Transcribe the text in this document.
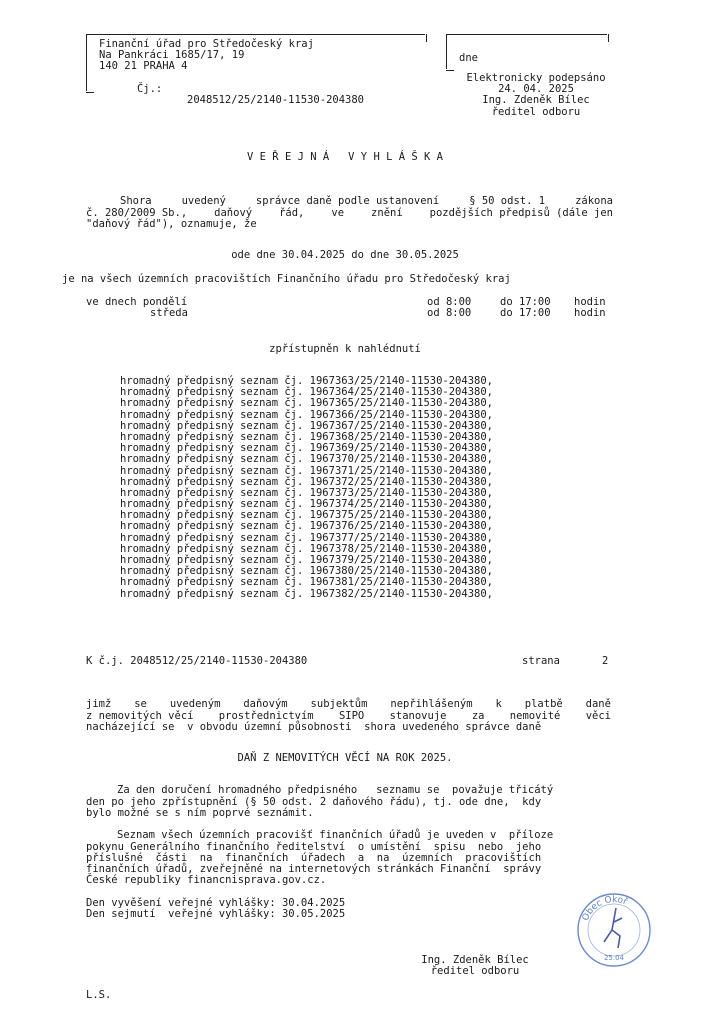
Finanční úřad pro Středočeský kraj
Na Pankráci 1685/17, 19
140 21 PRAHA 4

Čj.:

2048512/25/2140-11530-204380

dne
Elektronicky podepsáno
24. 04. 2025
Ing. Zdeněk Bílec
ředitel odboru
V E Ř E J N Á   V Y H L Á Š K A
Shora	uvedený	správce daně podle ustanovení	§ 50 odst. 1	zákona
č. 280/2009 Sb.,	daňový	řád,	ve	znění	pozdějších předpisů (dále jen
"daňový řád"), oznamuje, že
ode dne 30.04.2025 do dne 30.05.2025
je na všech územních pracovištích Finančního úřadu pro Středočeský kraj
ve dnech pondělí	od 8:00	do 17:00 hodin
středa	od 8:00	do 17:00 hodin
zpřístupněn k nahlédnutí
hromadný předpisný seznam čj. 1967363/25/2140-11530-204380,
hromadný předpisný seznam čj. 1967364/25/2140-11530-204380,
hromadný předpisný seznam čj. 1967365/25/2140-11530-204380,
hromadný předpisný seznam čj. 1967366/25/2140-11530-204380,
hromadný předpisný seznam čj. 1967367/25/2140-11530-204380,
hromadný předpisný seznam čj. 1967368/25/2140-11530-204380,
hromadný předpisný seznam čj. 1967369/25/2140-11530-204380,
hromadný předpisný seznam čj. 1967370/25/2140-11530-204380,
hromadný předpisný seznam čj. 1967371/25/2140-11530-204380,
hromadný předpisný seznam čj. 1967372/25/2140-11530-204380,
hromadný předpisný seznam čj. 1967373/25/2140-11530-204380,
hromadný předpisný seznam čj. 1967374/25/2140-11530-204380,
hromadný předpisný seznam čj. 1967375/25/2140-11530-204380,
hromadný předpisný seznam čj. 1967376/25/2140-11530-204380,
hromadný předpisný seznam čj. 1967377/25/2140-11530-204380,
hromadný předpisný seznam čj. 1967378/25/2140-11530-204380,
hromadný předpisný seznam čj. 1967379/25/2140-11530-204380,
hromadný předpisný seznam čj. 1967380/25/2140-11530-204380,
hromadný předpisný seznam čj. 1967381/25/2140-11530-204380,
hromadný předpisný seznam čj. 1967382/25/2140-11530-204380,
K č.j. 2048512/25/2140-11530-204380	strana	2
jimž se uvedeným daňovým subjektům nepřihlášeným k platbě daně
z nemovitých věcí prostřednictvím SIPO stanovuje za nemovité věci
nacházející se  v obvodu územní působnosti  shora uvedeného správce daně
DAŇ Z NEMOVITÝCH VĚCÍ NA ROK 2025.
Za den doručení hromadného předpisného   seznamu se  považuje třicátý
den po jeho zpřístupnění (§ 50 odst. 2 daňového řádu), tj. ode dne,  kdy
bylo možné se s ním poprvé seznámit.
Seznam všech územních pracovišť finančních úřadů je uveden v  příloze
pokynu Generálního finančního ředitelství  o umístění  spisu  nebo  jeho
příslušné  části  na  finančních  úřadech  a  na  územních  pracovištích
finančních úřadů, zveřejněné na internetových stránkách Finanční  správy
České republiky financnisprava.gov.cz.
Den vyvěšení veřejné vyhlášky: 30.04.2025
Den sejmutí  veřejné vyhlášky: 30.05.2025	Obec Okoř
25.04
Ing. Zdeněk Bílec
ředitel odboru
L.S.
